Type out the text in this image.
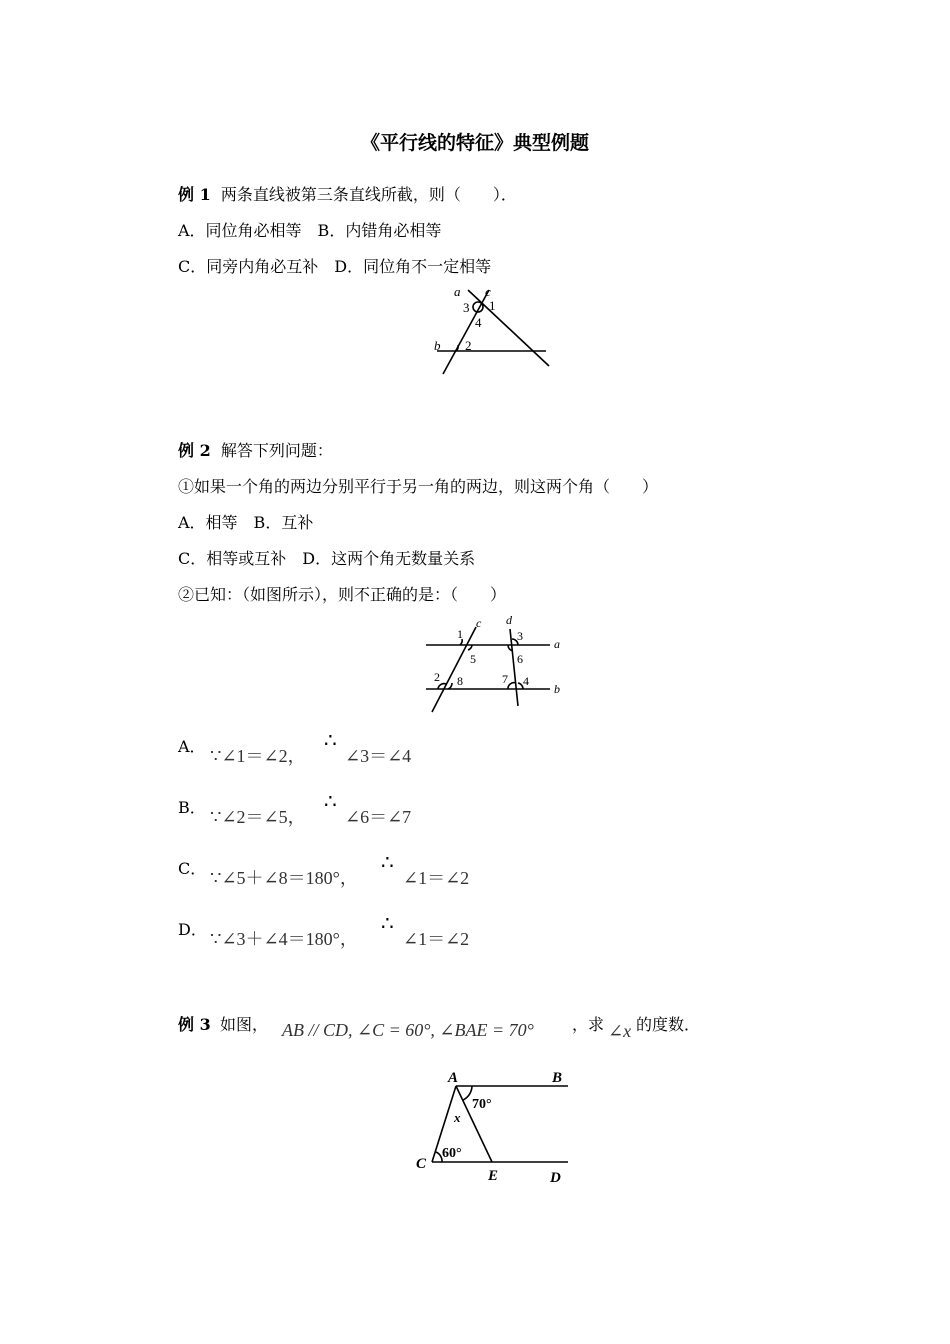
《平行线的特征》典型例题
例 1 两条直线被第三条直线所截，则（　　）．
A．同位角必相等　B．内错角必相等
C．同旁内角必互补　D．同位角不一定相等
a c
1
3
4
b 2
例 2 解答下列问题：
①如果一个角的两边分别平行于另一角的两边，则这两个角（　　）
A．相等　B．互补
C．相等或互补　D．这两个角无数量关系
②已知：（如图所示），则不正确的是：（　　）
c d
1
5
3
6
a
2 8	7 4
b
A． ∵∠1＝∠2，
∴
∠3＝∠4
B． ∵∠2＝∠5，
∴
∠6＝∠7
C． ∵∠5＋∠8＝180°，
∴
∠1＝∠2
D． ∵∠3＋∠4＝180°，
∴
∠1＝∠2
例 3 如图， AB // CD, ∠C = 60°, ∠BAE = 70° ，求 ∠x 的度数．
A	B
C
E	D
x
70°
60°
